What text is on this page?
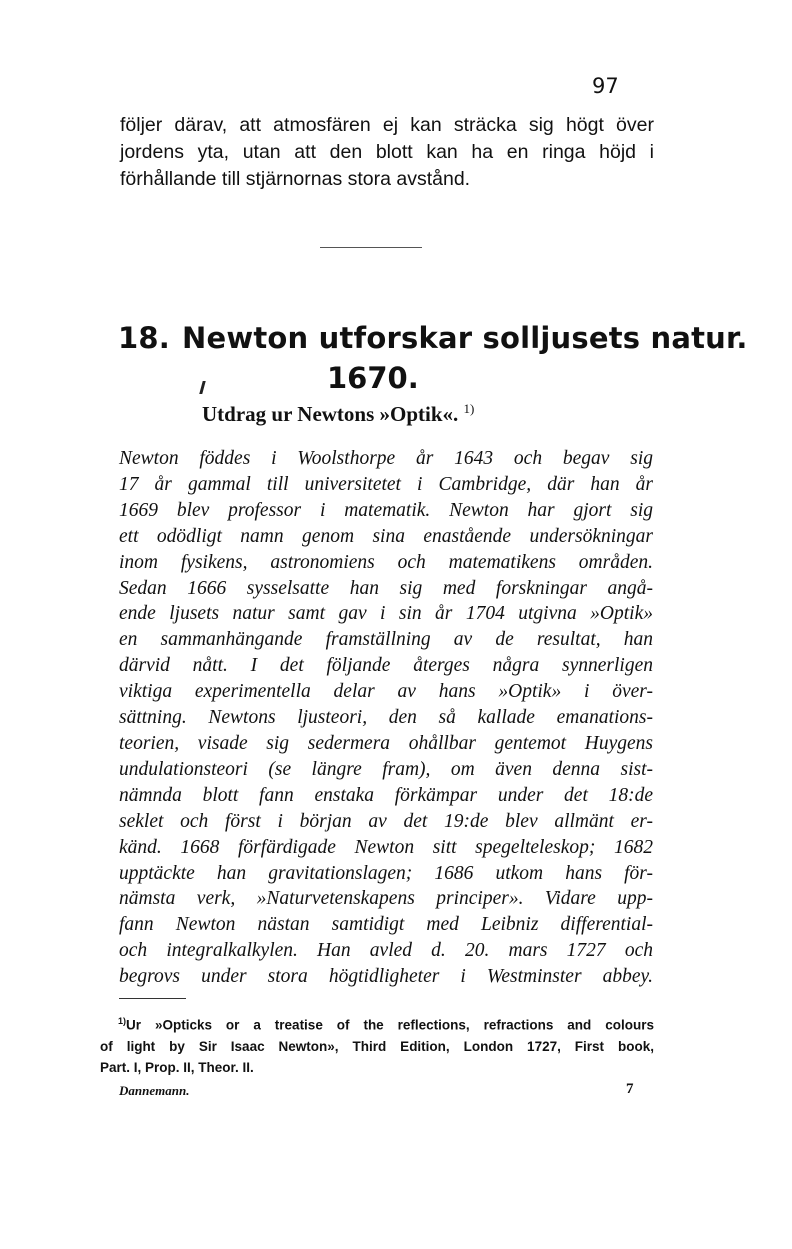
97
följer därav, att atmosfären ej kan sträcka sig högt över
jordens yta, utan att den blott kan ha en ringa höjd i
förhållande till stjärnornas stora avstånd.
18. Newton utforskar solljusets natur.
1670.
Utdrag ur Newtons »Optik«. $^{1)}$
Newton föddes i Woolsthorpe år 1643 och begav sig
17 år gammal till universitetet i Cambridge, där han år
1669 blev professor i matematik. Newton har gjort sig
ett odödligt namn genom sina enastående undersökningar
inom fysikens, astronomiens och matematikens områden.
Sedan 1666 sysselsatte han sig med forskningar angå-
ende ljusets natur samt gav i sin år 1704 utgivna »Optik»
en sammanhängande framställning av de resultat, han
därvid nått. I det följande återges några synnerligen
viktiga experimentella delar av hans »Optik» i över-
sättning. Newtons ljusteori, den så kallade emanations-
teorien, visade sig sedermera ohållbar gentemot Huygens
undulationsteori (se längre fram), om även denna sist-
nämnda blott fann enstaka förkämpar under det 18:de
seklet och först i början av det 19:de blev allmänt er-
känd. 1668 förfärdigade Newton sitt spegelteleskop; 1682
upptäckte han gravitationslagen; 1686 utkom hans för-
nämsta verk, »Naturvetenskapens principer». Vidare upp-
fann Newton nästan samtidigt med Leibniz differential-
och integralkalkylen. Han avled d. 20. mars 1727 och
begrovs under stora högtidligheter i Westminster abbey.
$^{1)}$Ur »Opticks or a treatise of the reflections, refractions and colours
of light by Sir Isaac Newton», Third Edition, London 1727, First book,
Part. I, Prop. II, Theor. II.
Dannemann.	7
